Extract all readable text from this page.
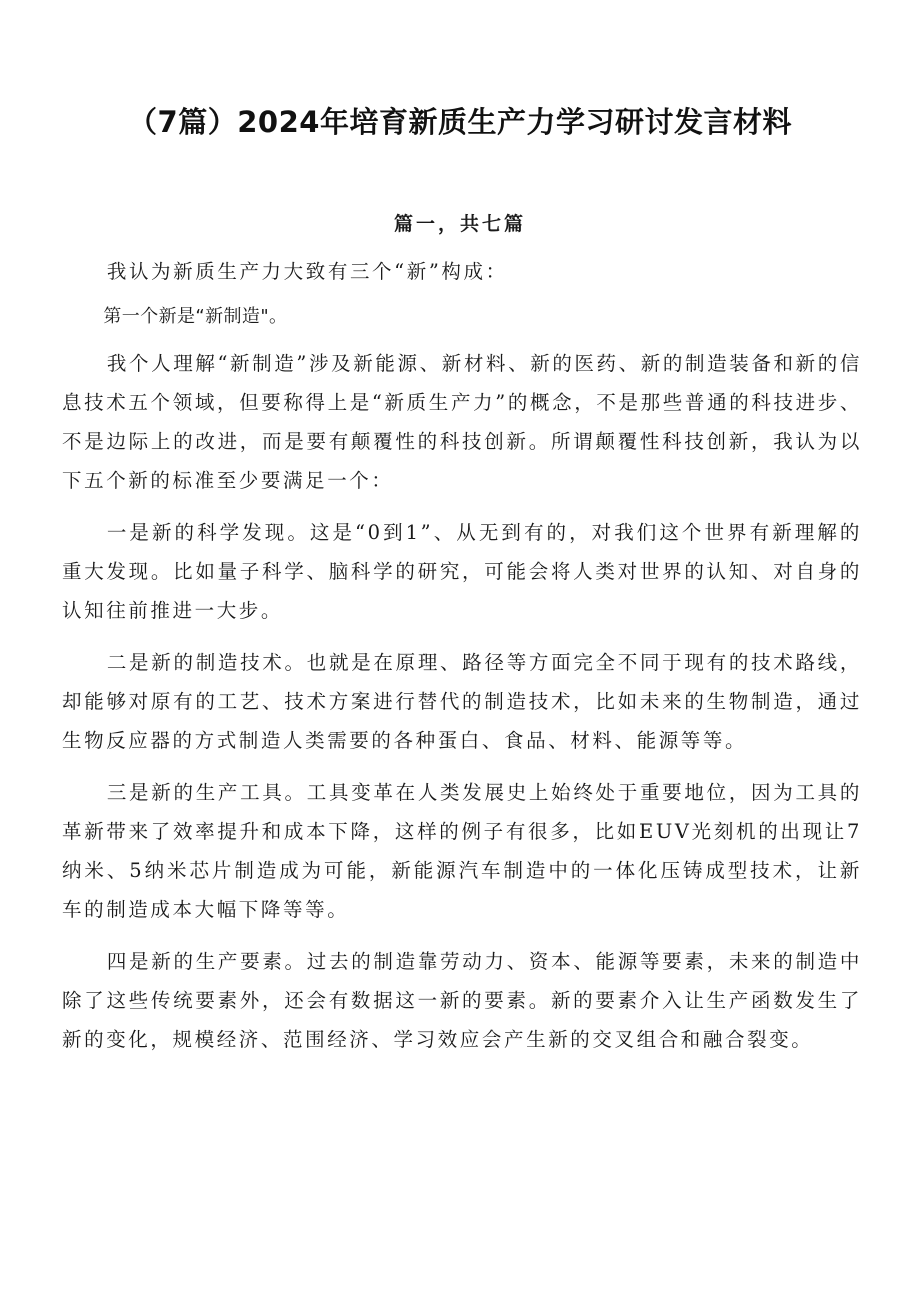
（7篇）2024年培育新质生产力学习研讨发言材料
篇一，共七篇

我认为新质生产力大致有三个“新”构成：

第一个新是“新制造"。

我个人理解“新制造”涉及新能源、新材料、新的医药、新的制造装备和新的信息技术五个领域，但要称得上是“新质生产力”的概念，不是那些普通的科技进步、不是边际上的改进，而是要有颠覆性的科技创新。所谓颠覆性科技创新，我认为以下五个新的标准至少要满足一个：

一是新的科学发现。这是“0到1”、从无到有的，对我们这个世界有新理解的重大发现。比如量子科学、脑科学的研究，可能会将人类对世界的认知、对自身的认知往前推进一大步。

二是新的制造技术。也就是在原理、路径等方面完全不同于现有的技术路线，却能够对原有的工艺、技术方案进行替代的制造技术，比如未来的生物制造，通过生物反应器的方式制造人类需要的各种蛋白、食品、材料、能源等等。

三是新的生产工具。工具变革在人类发展史上始终处于重要地位，因为工具的革新带来了效率提升和成本下降，这样的例子有很多，比如EUV光刻机的出现让7纳米、5纳米芯片制造成为可能，新能源汽车制造中的一体化压铸成型技术，让新车的制造成本大幅下降等等。

四是新的生产要素。过去的制造靠劳动力、资本、能源等要素，未来的制造中除了这些传统要素外，还会有数据这一新的要素。新的要素介入让生产函数发生了新的变化，规模经济、范围经济、学习效应会产生新的交叉组合和融合裂变。
